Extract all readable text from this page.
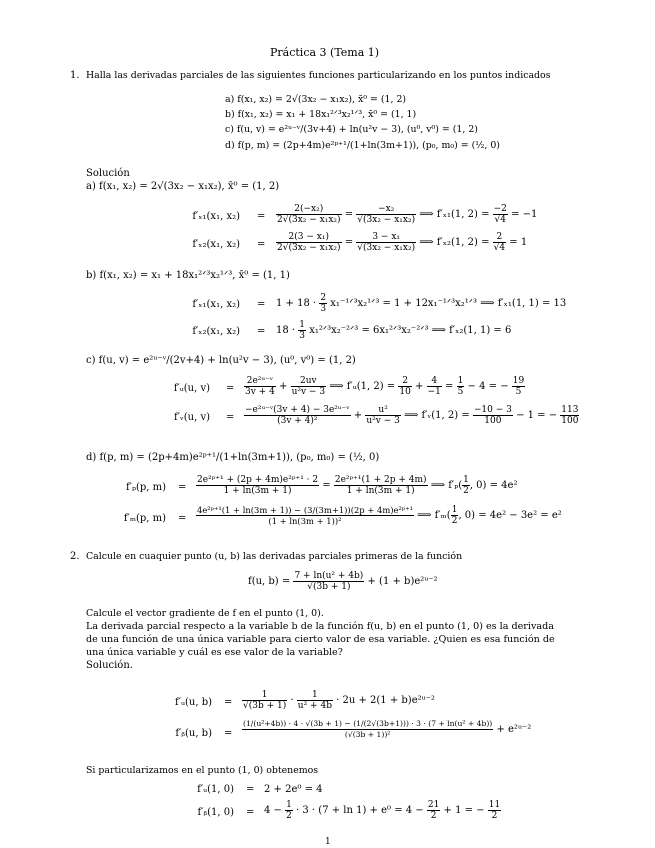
Práctica 3 (Tema 1)
1. Halla las derivadas parciales de las siguientes funciones particularizando en los puntos indicados
a) f(x₁, x₂) = 2√(3x₂ − x₁x₂), x̄⁰ = (1, 2)
b) f(x₁, x₂) = x₁ + 18x₁²ᐟ³x₂¹ᐟ³, x̄⁰ = (1, 1)
c) f(u, v) = e²ᵘ⁻ᵛ/(3v+4) + ln(u²v − 3), (u⁰, v⁰) = (1, 2)
d) f(p, m) = (2p+4m)e²ᵖ⁺¹/(1+ln(3m+1)), (p₀, m₀) = (½, 0)
Solución
a) f(x₁, x₂) = 2√(3x₂ − x₁x₂), x̄⁰ = (1, 2)
f′ₓ₁(x₁, $x_2) = \frac{\text{2(−x₂)}}{\text{2√(3x₂ − x₁x₂)}} = \frac{\text{−x₂}}{\text{√(3x₂ − x₁x₂)}}$ ⟹ f′ₓ₁(1, $2) = \frac{-2}{√4} = -1$
f′ₓ₂(x₁, $x_2) = \frac{\text{2(3 − x₁)}}{\text{2√(3x₂ − x₁x₂)}} = \frac{\text{3 − x₁}}{\text{√(3x₂ − x₁x₂)}}$ ⟹ f′ₓ₂(1, $2) = \frac{2}{√4} = 1$
b) f(x₁, x₂) = x₁ + 18x₁²ᐟ³x₂¹ᐟ³, x̄⁰ = (1, 1)
f′ₓ₁(x₁, $x_2) = 1 + 18 \cdot \frac{2}{3}$ x₁⁻¹ᐟ³x₂¹ᐟ³ = 1 + 12x₁⁻¹ᐟ³x₂¹ᐟ³ ⟹ f′ₓ₁(1, 1) = 13
f′ₓ₂(x₁, $x_2) = 18 \cdot \frac{1}{3}$ x₁²ᐟ³x₂⁻²ᐟ³ = 6x₁²ᐟ³x₂⁻²ᐟ³ ⟹ f′ₓ₂(1, 1) = 6
c) f(u, v) = e²ᵘ⁻ᵛ/(2v+4) + ln(u²v − 3), (u⁰, v⁰) = (1, 2)
f′ᵤ(u, $v) = \frac{\text{2e²ᵘ⁻ᵛ}}{3v + 4} + \frac{2uv}{\text{u²v − 3}}$ ⟹ f′ᵤ(1, $2) = \frac{2}{10} + \frac{4}{-1} = \frac{1}{5} - 4$ = − $\frac{19}{5}$
f′ᵥ(u, $v) = \frac{\text{−e²ᵘ⁻ᵛ(3v + 4) − 3e²ᵘ⁻ᵛ}}{\text{(3v + 4)²}} + \frac{\text{u²}}{\text{u²v − 3}}$ ⟹ f′ᵥ(1, $2) = \frac{-10 - 3}{100} - 1$ = − $\frac{113}{100}$
d) f(p, m) = (2p+4m)e²ᵖ⁺¹/(1+ln(3m+1)), (p₀, m₀) = (½, 0)
f′ₚ(p, $m) = \frac{\text{2e²ᵖ⁺¹ + (2p + 4m)e²ᵖ⁺¹ · 2}}{1 + \ln(3m + 1)} = \frac{\text{2e²ᵖ⁺¹(1 + 2p + 4m)}}{1 + \ln(3m + 1)}$ ⟹ $f'_p( \frac{1}{2}$ , 0) = 4e²
f′ₘ(p, $m) = \frac{\text{4e²ᵖ⁺¹(1 + ln(3m + 1)) − (3/(3m+1))(2p + 4m)e²ᵖ⁺¹}}{\text{(1 + ln(3m + 1))²}}$ ⟹ $f'_m( \frac{1}{2}$ , 0) = 4e² − 3e² = e²
2. Calcule en cuaquier punto (u, b) las derivadas parciales primeras de la función
f(u, $b) = \frac{\text{7 + ln(u² + 4b)}}{√(3b + 1)} + (1$ + b)e²ᵘ⁻²
Calcule el vector gradiente de f en el punto (1, 0).
La derivada parcial respecto a la variable b de la función f(u, b) en el punto (1, 0) es la derivada de una función de una única variable para cierto valor de esa variable. ¿Quien es esa función de una única variable y cuál es ese valor de la variable?
Solución.
f′ᵤ(u, $b) = \frac{1}{√(3b + 1)} \cdot \frac{1}{\text{u² + 4b}} \cdot 2u + 2(1$ + b)e²ᵘ⁻²
f′ᵦ(u, b) =
(1/(u²+4b)) · 4 · √(3b + 1) − (1/(2√(3b+1))) · 3 · (7 + ln(u² + 4b))
(√(3b + 1))²	+ e²ᵘ⁻²
Si particularizamos en el punto (1, 0) obtenemos
f′ᵤ(1, 0) = 2 + 2e⁰ = 4
f′ᵦ(1, $0) = 4 - \frac{1}{2} \cdot 3 \cdot (7 + \ln 1) + e^0 = 4 - \frac{21}{2} + 1$ = − $\frac{11}{2}$
1
